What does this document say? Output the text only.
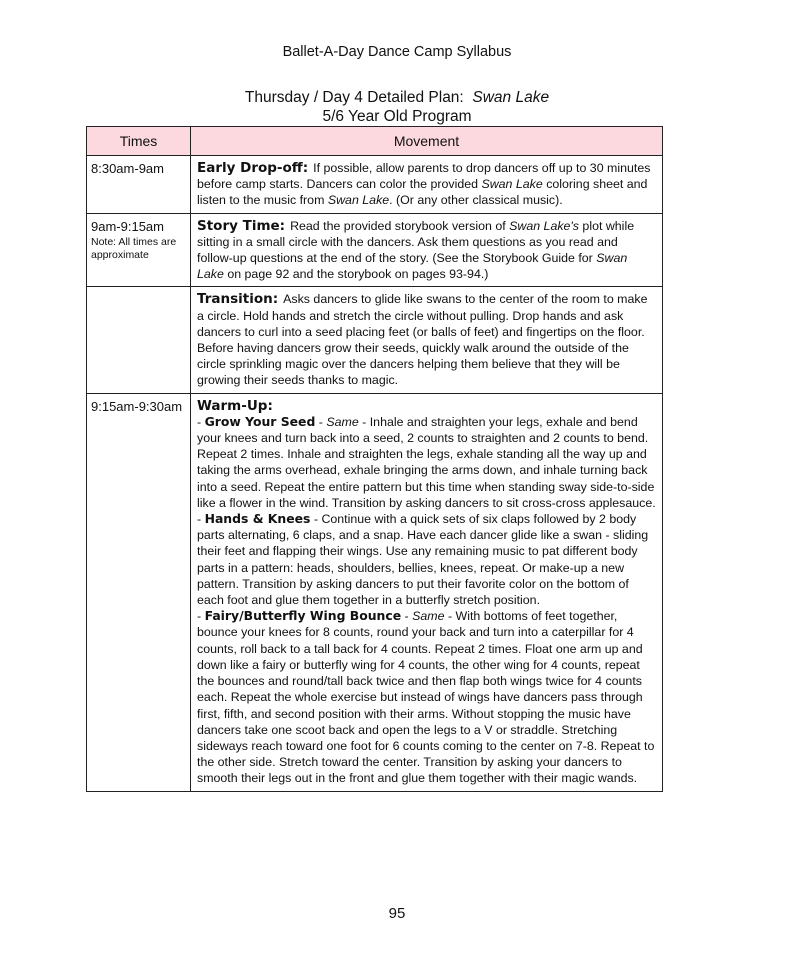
Ballet-A-Day Dance Camp Syllabus
Thursday / Day 4 Detailed Plan: Swan Lake
5/6 Year Old Program
Times	Movement
8:30am-9am	Early Drop-off: If possible, allow parents to drop dancers off up to 30 minutes before camp starts. Dancers can color the provided Swan Lake coloring sheet and listen to the music from Swan Lake. (Or any other classical music).
9am-9:15am
Note: All times are approximate	Story Time: Read the provided storybook version of Swan Lake's plot while sitting in a small circle with the dancers. Ask them questions as you read and follow-up questions at the end of the story. (See the Storybook Guide for Swan Lake on page 92 and the storybook on pages 93-94.)
	Transition: Asks dancers to glide like swans to the center of the room to make a circle. Hold hands and stretch the circle without pulling. Drop hands and ask dancers to curl into a seed placing feet (or balls of feet) and fingertips on the floor. Before having dancers grow their seeds, quickly walk around the outside of the circle sprinkling magic over the dancers helping them believe that they will be growing their seeds thanks to magic.
9:15am-9:30am	Warm-Up:
- Grow Your Seed - Same - Inhale and straighten your legs, exhale and bend your knees and turn back into a seed, 2 counts to straighten and 2 counts to bend. Repeat 2 times. Inhale and straighten the legs, exhale standing all the way up and taking the arms overhead, exhale bringing the arms down, and inhale turning back into a seed. Repeat the entire pattern but this time when standing sway side-to-side like a flower in the wind. Transition by asking dancers to sit cross-cross applesauce.
- Hands & Knees - Continue with a quick sets of six claps followed by 2 body parts alternating, 6 claps, and a snap. Have each dancer glide like a swan - sliding their feet and flapping their wings. Use any remaining music to pat different body parts in a pattern: heads, shoulders, bellies, knees, repeat. Or make-up a new pattern. Transition by asking dancers to put their favorite color on the bottom of each foot and glue them together in a butterfly stretch position.
- Fairy/Butterfly Wing Bounce - Same - With bottoms of feet together, bounce your knees for 8 counts, round your back and turn into a caterpillar for 4 counts, roll back to a tall back for 4 counts. Repeat 2 times. Float one arm up and down like a fairy or butterfly wing for 4 counts, the other wing for 4 counts, repeat the bounces and round/tall back twice and then flap both wings twice for 4 counts each. Repeat the whole exercise but instead of wings have dancers pass through first, fifth, and second position with their arms. Without stopping the music have dancers take one scoot back and open the legs to a V or straddle. Stretching sideways reach toward one foot for 6 counts coming to the center on 7-8. Repeat to the other side. Stretch toward the center. Transition by asking your dancers to smooth their legs out in the front and glue them together with their magic wands.
95
